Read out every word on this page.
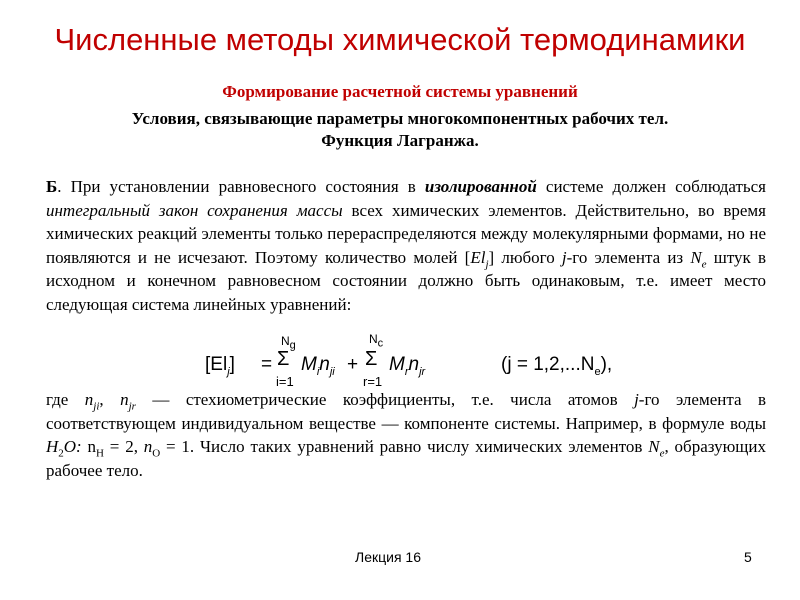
Численные методы химической термодинамики
Формирование расчетной системы уравнений
Условия, связывающие параметры многокомпонентных рабочих тел.
Функция Лагранжа.
Б. При установлении равновесного состояния в изолированной системе должен соблюдаться интегральный закон сохранения массы всех химических элементов. Действительно, во время химических реакций элементы только перераспределяются между молекулярными формами, но не появляются и не исчезают. Поэтому количество молей $[El_j]$ любого j-го элемента из $N_e$ штук в исходном и конечном равновесном состоянии должно быть одинаковым, т.е. имеет место следующая система линейных уравнений:
$[El_j]$ =
$N_g$
Σ
i=1
$M_in_{ji}$ +
$N_c$
Σ
r=1
$M_rn_{jr}$	$(j = 1,2,...N_e)$,
где $n_{ji}$, $n_{jr}$ — стехиометрические коэффициенты, т.е. числа атомов j-го элемента в соответствующем индивидуальном веществе — компоненте системы. Например, в формуле воды $H_2O$: $n_H = 2$, $n_O = 1$. Число таких уравнений равно числу химических элементов $N_e$, образующих рабочее тело.
Лекция 16	5
